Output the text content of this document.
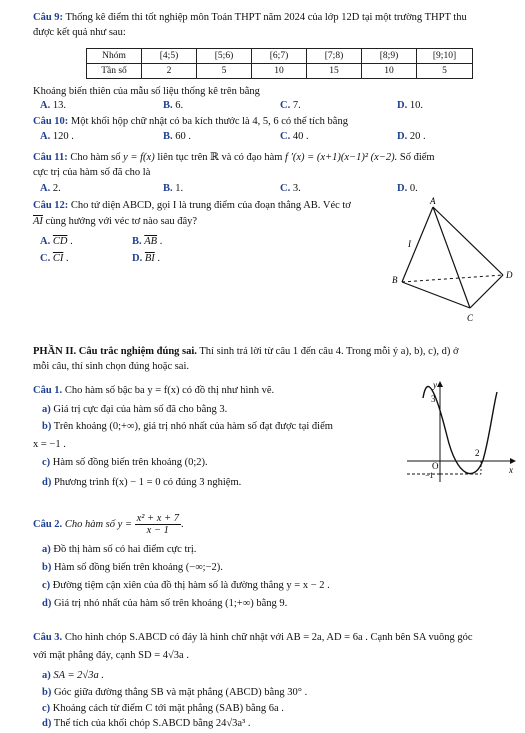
Câu 9: Thống kê điểm thi tốt nghiệp môn Toán THPT năm 2024 của lớp 12D tại một trường THPT thu
được kết quả như sau:
Nhóm	[4;5)	[5;6)	[6;7)	[7;8)	[8;9)	[9;10]
Tần số	2	5	10	15	10	5
Khoảng biến thiên của mẫu số liệu thống kê trên bằng
A. 13.	B. 6.	C. 7.	D. 10.
Câu 10: Một khối hộp chữ nhật có ba kích thước là 4, 5, 6 có thể tích bằng
A. 120 .	B. 60 .	C. 40 .	D. 20 .
Câu 11: Cho hàm số y = f(x) liên tục trên ℝ và có đạo hàm f ′(x) = (x+1)(x−1)² (x−2). Số điểm
cực trị của hàm số đã cho là
A. 2.	B. 1.	C. 3.	D. 0.
Câu 12: Cho tứ diện ABCD, gọi I là trung điểm của đoạn thẳng AB. Véc tơ
$\overline{AI}$ cùng hướng với véc tơ nào sau đây?
A. $\overline{CD}$ .	B. $\overline{AB}$ .
C. $\overline{CI}$ .	D. $\overline{BI}$ .
A
I
B	D
C
PHẦN II. Câu trắc nghiệm đúng sai. Thí sinh trả lời từ câu 1 đến câu 4. Trong mỗi ý a), b), c), d) ở
mỗi câu, thí sinh chọn đúng hoặc sai.
Câu 1. Cho hàm số bậc ba y = f(x) có đồ thị như hình vẽ.
a) Giá trị cực đại của hàm số đã cho bằng 3.
b) Trên khoảng (0;+∞), giá trị nhỏ nhất của hàm số đạt được tại điểm
x = −1 .
c) Hàm số đồng biến trên khoảng (0;2).
d) Phương trình f(x) − 1 = 0 có đúng 3 nghiệm.
y
x
3
2
O
−1
Câu 2. Cho hàm số $y = \frac{\text{x² + x + 7}}{x - 1}$ .
a) Đồ thị hàm số có hai điểm cực trị.
b) Hàm số đồng biến trên khoảng (−∞;−2).
c) Đường tiệm cận xiên của đồ thị hàm số là đường thẳng y = x − 2 .
d) Giá trị nhỏ nhất của hàm số trên khoảng (1;+∞) bằng 9.
Câu 3. Cho hình chóp S.ABCD có đáy là hình chữ nhật với AB = 2a, AD = 6a . Cạnh bên SA vuông góc
với mặt phẳng đáy, cạnh SD = 4√3a .
a) SA = 2√3a .
b) Góc giữa đường thẳng SB và mặt phẳng (ABCD) bằng 30° .
c) Khoảng cách từ điểm C tới mặt phẳng (SAB) bằng 6a .
d) Thể tích của khối chóp S.ABCD bằng 24√3a³ .
